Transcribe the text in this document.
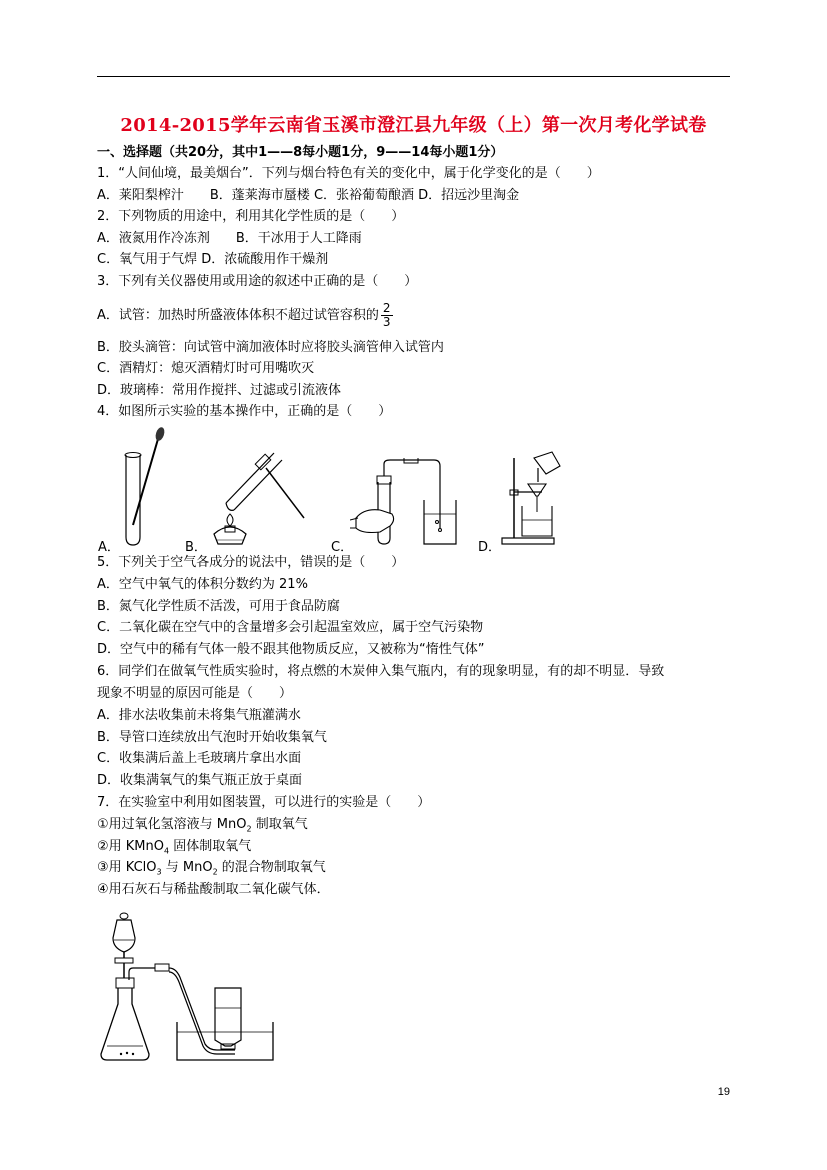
2014-2015学年云南省玉溪市澄江县九年级（上）第一次月考化学试卷
一、选择题（共20分，其中1——8每小题1分，9——14每小题1分）
1．“人间仙境，最美烟台”．下列与烟台特色有关的变化中，属于化学变化的是（　　）
A．莱阳梨榨汁　　B．蓬莱海市蜃楼 C．张裕葡萄酿酒 D．招远沙里淘金
2．下列物质的用途中，利用其化学性质的是（　　）
A．液氮用作冷冻剂　　B．干冰用于人工降雨
C．氧气用于气焊 D．浓硫酸用作干燥剂
3．下列有关仪器使用或用途的叙述中正确的是（　　）
A．试管：加热时所盛液体体积不超过试管容积的 $\frac{2}{3}$
B．胶头滴管：向试管中滴加液体时应将胶头滴管伸入试管内
C．酒精灯：熄灭酒精灯时可用嘴吹灭
D．玻璃棒：常用作搅拌、过滤或引流液体
4．如图所示实验的基本操作中，正确的是（　　）
A．	B．	C．	D．
5．下列关于空气各成分的说法中，错误的是（　　）
A．空气中氧气的体积分数约为 21%
B．氮气化学性质不活泼，可用于食品防腐
C．二氧化碳在空气中的含量增多会引起温室效应，属于空气污染物
D．空气中的稀有气体一般不跟其他物质反应，又被称为“惰性气体”
6．同学们在做氧气性质实验时，将点燃的木炭伸入集气瓶内，有的现象明显，有的却不明显．导致
现象不明显的原因可能是（　　）
A．排水法收集前未将集气瓶灌满水
B．导管口连续放出气泡时开始收集氧气
C．收集满后盖上毛玻璃片拿出水面
D．收集满氧气的集气瓶正放于桌面
7．在实验室中利用如图装置，可以进行的实验是（　　）
①用过氧化氢溶液与 MnO$_2$ 制取氧气
②用 KMnO$_4$ 固体制取氧气
③用 KClO$_3$ 与 MnO$_2$ 的混合物制取氧气
④用石灰石与稀盐酸制取二氧化碳气体．
19
